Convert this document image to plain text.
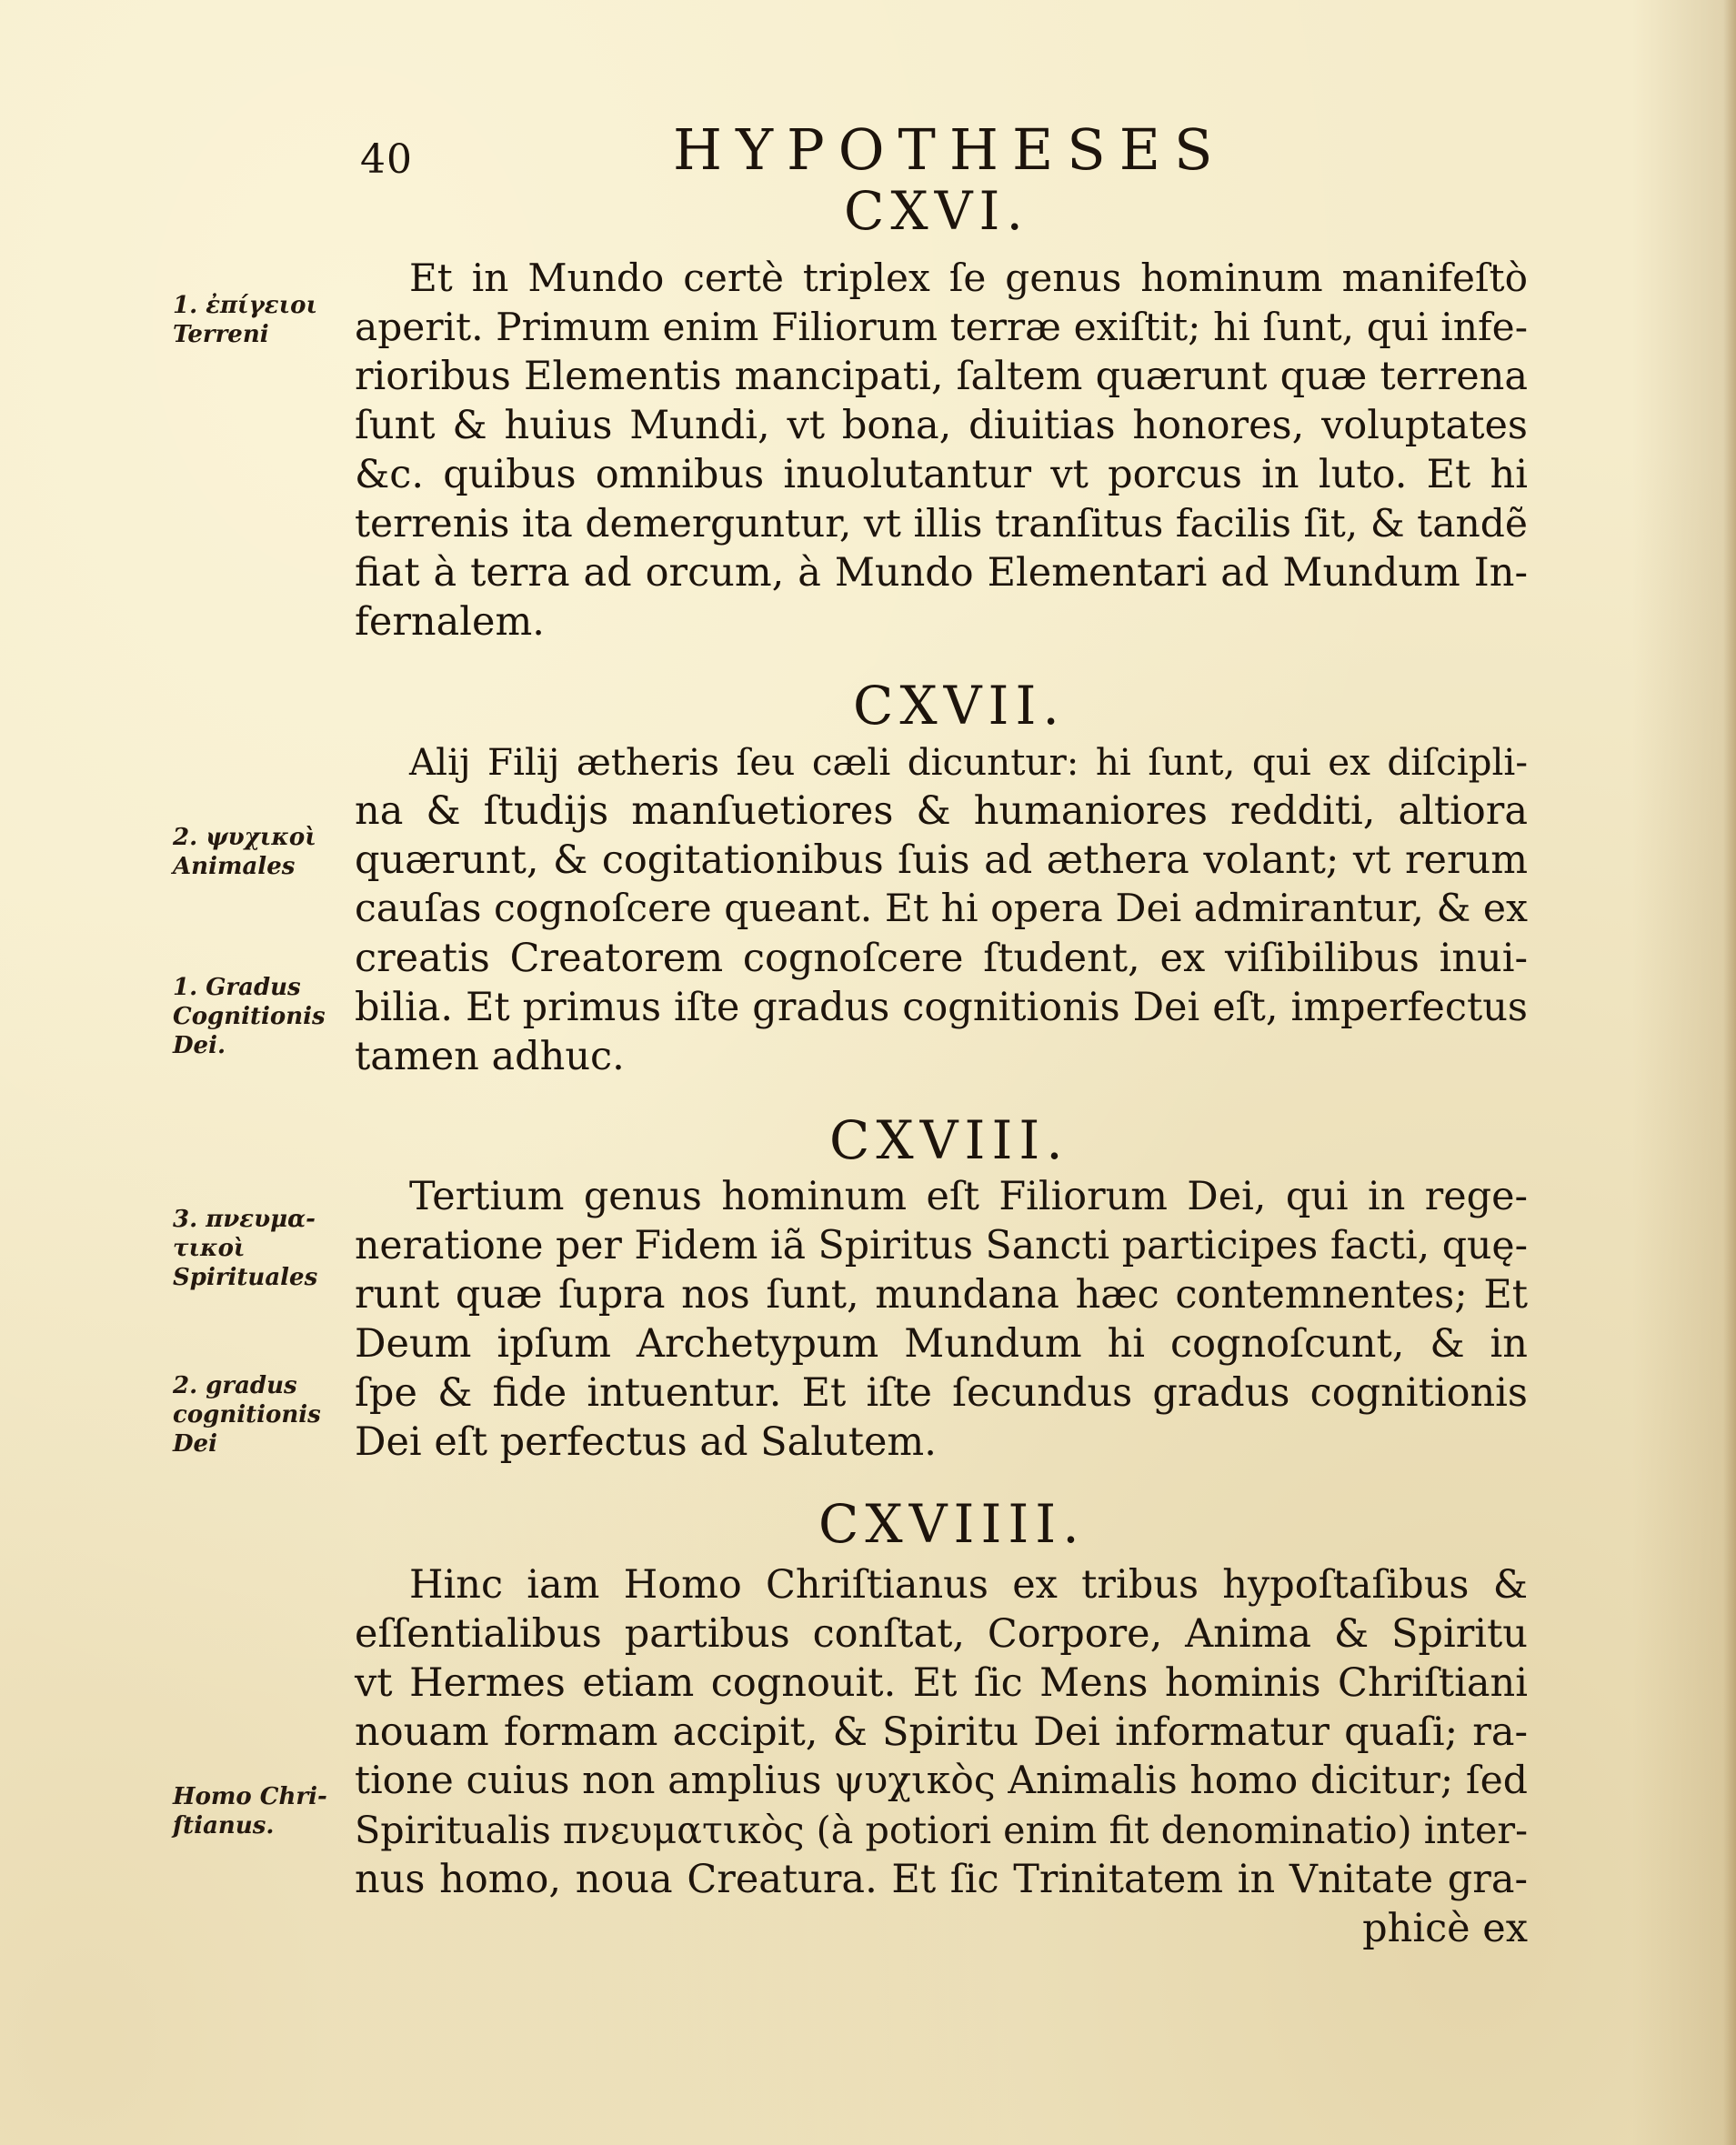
40	HYPOTHESES
CXVI.
Et in Mundo certè triplex ſe genus hominum manifeſtò
aperit. Primum enim Filiorum terræ exiſtit; hi ſunt, qui infe-
rioribus Elementis mancipati, ſaltem quærunt quæ terrena
ſunt & huius Mundi, vt bona, diuitias honores, voluptates
&c. quibus omnibus inuolutantur vt porcus in luto. Et hi
terrenis ita demerguntur, vt illis tranſitus facilis ſit, & tandẽ
fiat à terra ad orcum, à Mundo Elementari ad Mundum In-
fernalem.
CXVII.
Alij Filij ætheris ſeu cæli dicuntur: hi ſunt, qui ex diſcipli-
na & ſtudijs manſuetiores & humaniores redditi, altiora
quærunt, & cogitationibus ſuis ad æthera volant; vt rerum
cauſas cognoſcere queant. Et hi opera Dei admirantur, & ex
creatis Creatorem cognoſcere ſtudent, ex viſibilibus inui-
bilia. Et primus iſte gradus cognitionis Dei eſt, imperfectus
tamen adhuc.
CXVIII.
Tertium genus hominum eſt Filiorum Dei, qui in rege-
neratione per Fidem iã Spiritus Sancti participes facti, quę-
runt quæ ſupra nos ſunt, mundana hæc contemnentes; Et
Deum ipſum Archetypum Mundum hi cognoſcunt, & in
ſpe & fide intuentur. Et iſte ſecundus gradus cognitionis
Dei eſt perfectus ad Salutem.
CXVIIII.
Hinc iam Homo Chriſtianus ex tribus hypoſtaſibus &
eſſentialibus partibus conſtat, Corpore, Anima & Spiritu
vt Hermes etiam cognouit. Et ſic Mens hominis Chriſtiani
nouam formam accipit, & Spiritu Dei informatur quaſi; ra-
tione cuius non amplius ψυχικὸς Animalis homo dicitur; ſed
Spiritualis πνευματικὸς (à potiori enim fit denominatio) inter-
nus homo, noua Creatura. Et ſic Trinitatem in Vnitate gra-
phicè ex
1. ἐπίγειοι
Terreni
2. ψυχικοὶ
Animales
1. Gradus
Cognitionis
Dei.
3. πνευμα-
τικοὶ
Spirituales
2. gradus
cognitionis
Dei
Homo Chri-
ſtianus.
